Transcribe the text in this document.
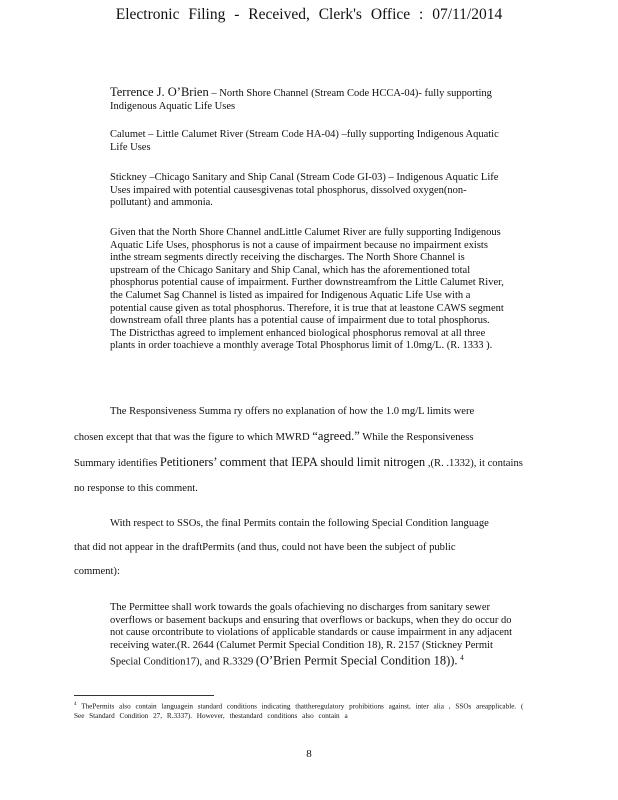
Electronic Filing - Received, Clerk's Office : 07/11/2014
Terrence J. O’Brien – North Shore Channel (Stream Code HCCA-04)- fully supporting Indigenous Aquatic Life Uses
Calumet – Little Calumet River (Stream Code HA-04) –fully supporting Indigenous Aquatic Life Uses
Stickney –Chicago Sanitary and Ship Canal (Stream Code GI-03) – Indigenous Aquatic Life Uses impaired with potential causesgivenas total phosphorus, dissolved oxygen(non-pollutant) and ammonia.
Given that the North Shore Channel andLittle Calumet River are fully supporting Indigenous Aquatic Life Uses, phosphorus is not a cause of impairment because no impairment exists inthe stream segments directly receiving the discharges. The North Shore Channel is upstream of the Chicago Sanitary and Ship Canal, which has the aforementioned total phosphorus potential cause of impairment. Further downstreamfrom the Little Calumet River, the Calumet Sag Channel is listed as impaired for Indigenous Aquatic Life Use with a potential cause given as total phosphorus. Therefore, it is true that at leastone CAWS segment downstream ofall three plants has a potential cause of impairment due to total phosphorus. The Districthas agreed to implement enhanced biological phosphorus removal at all three plants in order toachieve a monthly average Total Phosphorus limit of 1.0mg/L. (R. 1333 ).
The Responsiveness Summa ry offers no explanation of how the 1.0 mg/L limits were
chosen except that that was the figure to which MWRD “agreed.” While the Responsiveness
Summary identifies Petitioners’ comment that IEPA should limit nitrogen ,(R. .1332), it contains
no response to this comment.
With respect to SSOs, the final Permits contain the following Special Condition language
that did not appear in the draftPermits (and thus, could not have been the subject of public
comment):
The Permittee shall work towards the goals ofachieving no discharges from sanitary sewer overflows or basement backups and ensuring that overflows or backups, when they do occur do not cause orcontribute to violations of applicable standards or cause impairment in any adjacent receiving water.(R. 2644 (Calumet Permit Special Condition 18), R. 2157 (Stickney Permit Special Condition17), and R.3329 (O’Brien Permit Special Condition 18)). $^4$
$^4$ ThePermits also contain languagein standard conditions indicating thattheregulatory prohibitions against, inter alia , SSOs areapplicable. ( See Standard Condition 27, R.3337). However, thestandard conditions also contain a
8
